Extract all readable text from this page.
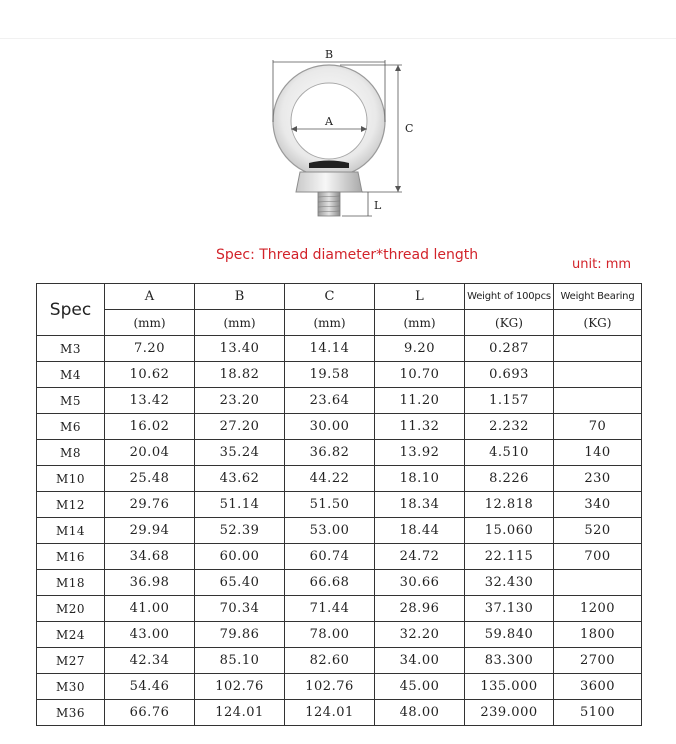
B
A
C
L
Spec: Thread diameter*thread length
unit: mm
Spec	A	B	C	L	Weight of 100pcs	Weight Bearing
	(mm)	(mm)	(mm)	(mm)	(KG)	(KG)
M3	7.20	13.40	14.14	9.20	0.287	
M4	10.62	18.82	19.58	10.70	0.693	
M5	13.42	23.20	23.64	11.20	1.157	
M6	16.02	27.20	30.00	11.32	2.232	70
M8	20.04	35.24	36.82	13.92	4.510	140
M10	25.48	43.62	44.22	18.10	8.226	230
M12	29.76	51.14	51.50	18.34	12.818	340
M14	29.94	52.39	53.00	18.44	15.060	520
M16	34.68	60.00	60.74	24.72	22.115	700
M18	36.98	65.40	66.68	30.66	32.430	
M20	41.00	70.34	71.44	28.96	37.130	1200
M24	43.00	79.86	78.00	32.20	59.840	1800
M27	42.34	85.10	82.60	34.00	83.300	2700
M30	54.46	102.76	102.76	45.00	135.000	3600
M36	66.76	124.01	124.01	48.00	239.000	5100
